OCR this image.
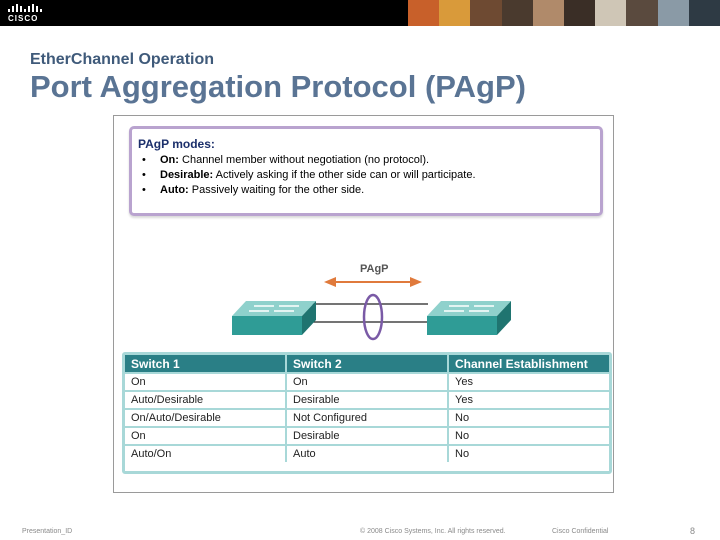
CISCO
EtherChannel Operation
Port Aggregation Protocol (PAgP)
PAgP modes:
• On: Channel member without negotiation (no protocol).
• Desirable: Actively asking if the other side can or will participate.
• Auto: Passively waiting for the other side.
PAgP
Switch 1	Switch 2	Channel Establishment
On	On	Yes
Auto/Desirable	Desirable	Yes
On/Auto/Desirable	Not Configured	No
On	Desirable	No
Auto/On	Auto	No
Presentation_ID	© 2008 Cisco Systems, Inc. All rights reserved.	Cisco Confidential	8
